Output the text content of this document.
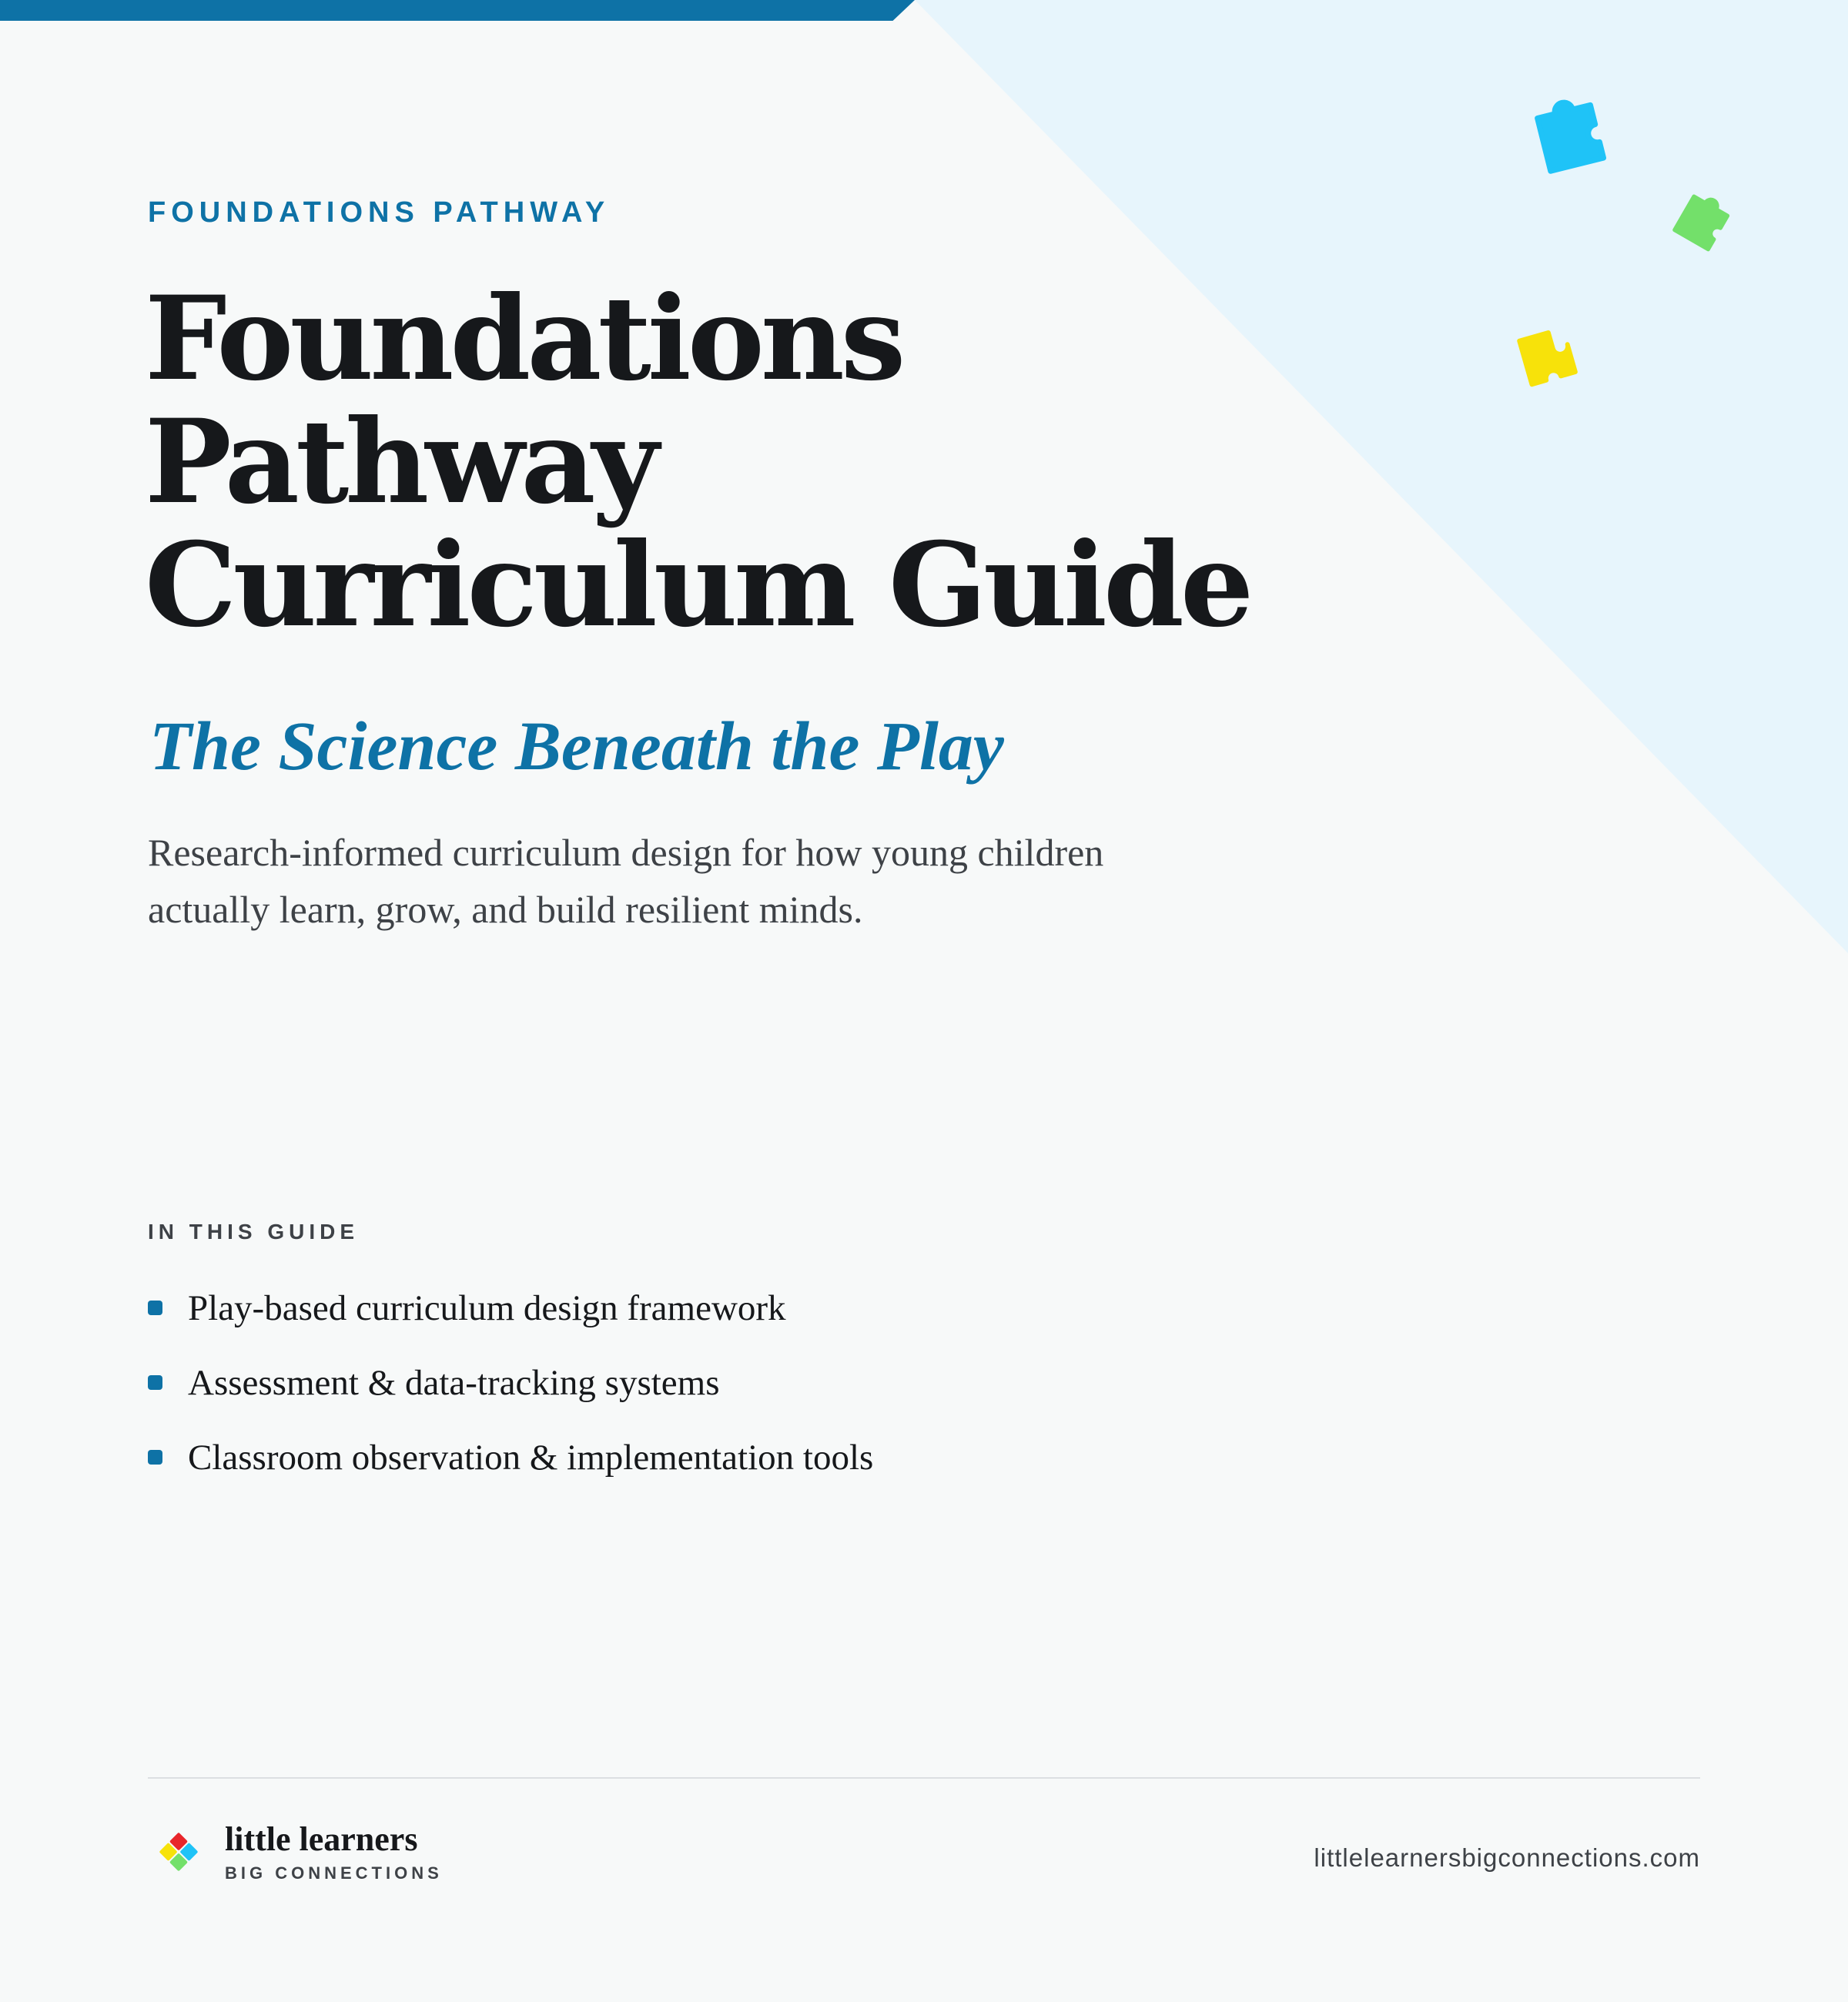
FOUNDATIONS PATHWAY

Foundations
Pathway
Curriculum Guide
The Science Beneath the Play

Research-informed curriculum design for how young children actually learn, grow, and build resilient minds.

IN THIS GUIDE

Play-based curriculum design framework
Assessment & data-tracking systems
Classroom observation & implementation tools
little learners
BIG CONNECTIONS
littlelearnersbigconnections.com
